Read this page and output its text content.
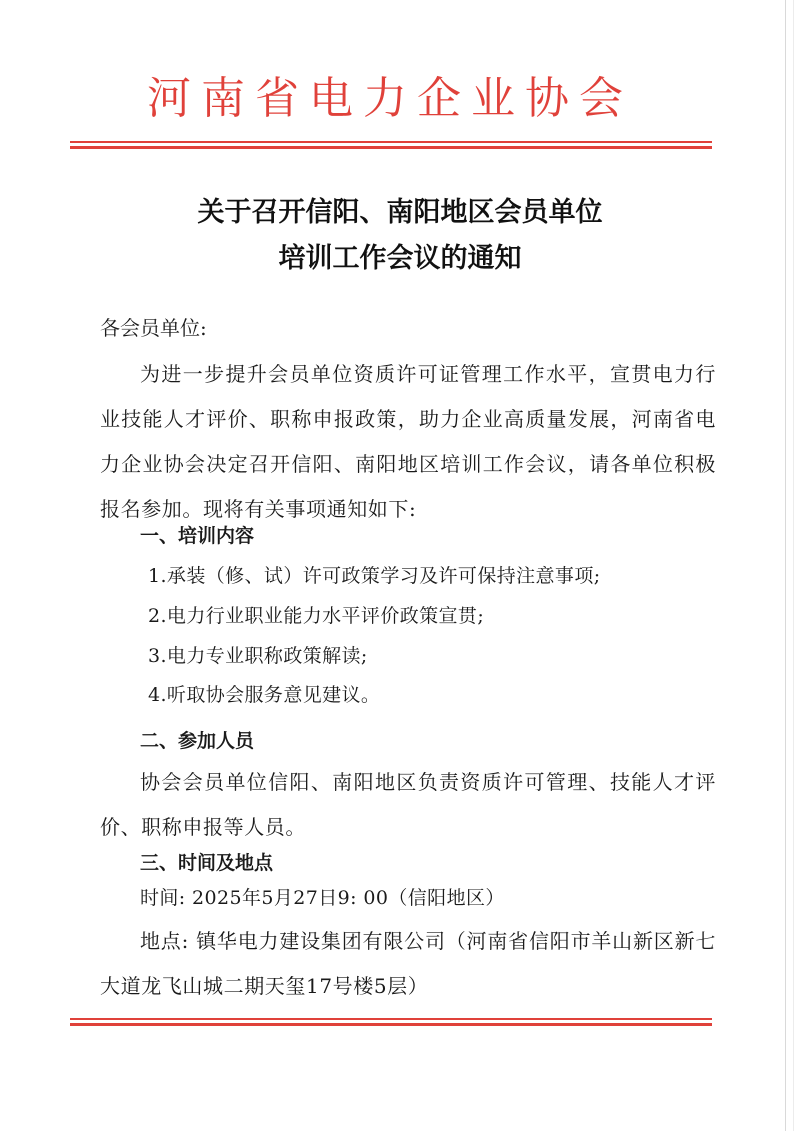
河南省电力企业协会
关于召开信阳、南阳地区会员单位
培训工作会议的通知
各会员单位:
为进一步提升会员单位资质许可证管理工作水平，宣贯电力行业技能人才评价、职称申报政策，助力企业高质量发展，河南省电力企业协会决定召开信阳、南阳地区培训工作会议，请各单位积极报名参加。现将有关事项通知如下:
一、培训内容
1.承装（修、试）许可政策学习及许可保持注意事项;
2.电力行业职业能力水平评价政策宣贯;
3.电力专业职称政策解读;
4.听取协会服务意见建议。
二、参加人员
协会会员单位信阳、南阳地区负责资质许可管理、技能人才评价、职称申报等人员。
三、时间及地点
时间: 2025年5月27日9: 00（信阳地区）
地点: 镇华电力建设集团有限公司（河南省信阳市羊山新区新七大道龙飞山城二期天玺17号楼5层）
